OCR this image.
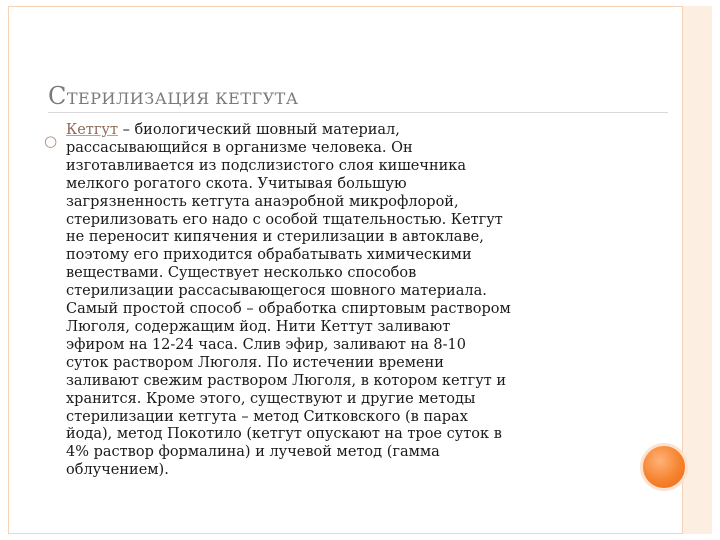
СТЕРИЛИЗАЦИЯ КЕТГУТА
○

Кетгут – биологический шовный материал,
рассасывающийся в организме человека. Он
изготавливается из подслизистого слоя кишечника
мелкого рогатого скота. Учитывая большую
загрязненность кетгута анаэробной микрофлорой,
стерилизовать его надо с особой тщательностью. Кетгут
не переносит кипячения и стерилизации в автоклаве,
поэтому его приходится обрабатывать химическими
веществами. Существует несколько способов
стерилизации рассасывающегося шовного материала.
Самый простой способ – обработка спиртовым раствором
Люголя, содержащим йод. Нити Кеттут заливают
эфиром на 12-24 часа. Слив эфир, заливают на 8-10
суток раствором Люголя. По истечении времени
заливают свежим раствором Люголя, в котором кетгут и
хранится. Кроме этого, существуют и другие методы
стерилизации кетгута – метод Ситковского (в парах
йода), метод Покотило (кетгут опускают на трое суток в
4% раствор формалина) и лучевой метод (гамма
облучением).
